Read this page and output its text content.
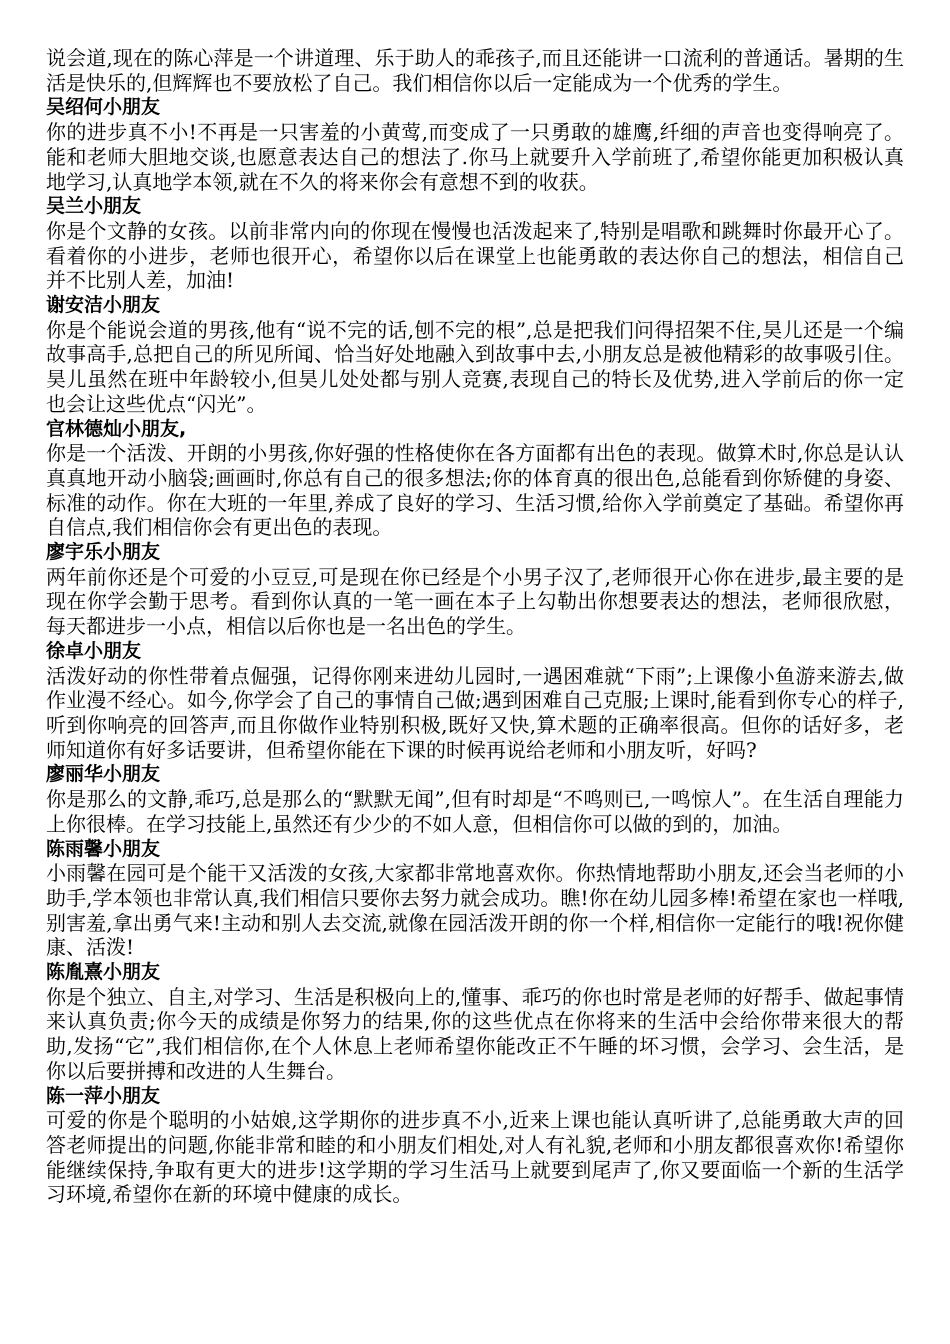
说会道,现在的陈心萍是一个讲道理、乐于助人的乖孩子,而且还能讲一口流利的普通话。暑期的生活是快乐的,但辉辉也不要放松了自己。我们相信你以后一定能成为一个优秀的学生。

吴绍何小朋友

你的进步真不小!不再是一只害羞的小黄莺,而变成了一只勇敢的雄鹰,纤细的声音也变得响亮了。能和老师大胆地交谈,也愿意表达自己的想法了.你马上就要升入学前班了,希望你能更加积极认真地学习,认真地学本领,就在不久的将来你会有意想不到的收获。

吴兰小朋友

你是个文静的女孩。以前非常内向的你现在慢慢也活泼起来了,特别是唱歌和跳舞时你最开心了。看着你的小进步，老师也很开心，希望你以后在课堂上也能勇敢的表达你自己的想法，相信自己并不比别人差，加油!

谢安洁小朋友

你是个能说会道的男孩,他有“说不完的话,刨不完的根”,总是把我们问得招架不住,昊儿还是一个编故事高手,总把自己的所见所闻、恰当好处地融入到故事中去,小朋友总是被他精彩的故事吸引住。昊儿虽然在班中年龄较小,但昊儿处处都与别人竞赛,表现自己的特长及优势,进入学前后的你一定也会让这些优点“闪光”。

官林德灿小朋友,

你是一个活泼、开朗的小男孩,你好强的性格使你在各方面都有出色的表现。做算术时,你总是认认真真地开动小脑袋;画画时,你总有自己的很多想法;你的体育真的很出色,总能看到你矫健的身姿、标准的动作。你在大班的一年里,养成了良好的学习、生活习惯,给你入学前奠定了基础。希望你再自信点,我们相信你会有更出色的表现。

廖宇乐小朋友

两年前你还是个可爱的小豆豆,可是现在你已经是个小男子汉了,老师很开心你在进步,最主要的是现在你学会勤于思考。看到你认真的一笔一画在本子上勾勒出你想要表达的想法，老师很欣慰，每天都进步一小点，相信以后你也是一名出色的学生。

徐卓小朋友

活泼好动的你性带着点倔强，记得你刚来进幼儿园时,一遇困难就“下雨”;上课像小鱼游来游去,做作业漫不经心。如今,你学会了自己的事情自己做;遇到困难自己克服;上课时,能看到你专心的样子,听到你响亮的回答声,而且你做作业特别积极,既好又快,算术题的正确率很高。但你的话好多，老师知道你有好多话要讲，但希望你能在下课的时候再说给老师和小朋友听，好吗?

廖丽华小朋友

你是那么的文静,乖巧,总是那么的“默默无闻”,但有时却是“不鸣则已,一鸣惊人”。在生活自理能力上你很棒。在学习技能上,虽然还有少少的不如人意，但相信你可以做的到的，加油。

陈雨馨小朋友

小雨馨在园可是个能干又活泼的女孩,大家都非常地喜欢你。你热情地帮助小朋友,还会当老师的小助手,学本领也非常认真,我们相信只要你去努力就会成功。瞧!你在幼儿园多棒!希望在家也一样哦,别害羞,拿出勇气来!主动和别人去交流,就像在园活泼开朗的你一个样,相信你一定能行的哦!祝你健康、活泼!

陈胤熹小朋友

你是个独立、自主,对学习、生活是积极向上的,懂事、乖巧的你也时常是老师的好帮手、做起事情来认真负责;你今天的成绩是你努力的结果,你的这些优点在你将来的生活中会给你带来很大的帮助,发扬“它”,我们相信你,在个人休息上老师希望你能改正不午睡的坏习惯，会学习、会生活，是你以后要拼搏和改进的人生舞台。

陈一萍小朋友

可爱的你是个聪明的小姑娘,这学期你的进步真不小,近来上课也能认真听讲了,总能勇敢大声的回答老师提出的问题,你能非常和睦的和小朋友们相处,对人有礼貌,老师和小朋友都很喜欢你!希望你能继续保持,争取有更大的进步!这学期的学习生活马上就要到尾声了,你又要面临一个新的生活学习环境,希望你在新的环境中健康的成长。
